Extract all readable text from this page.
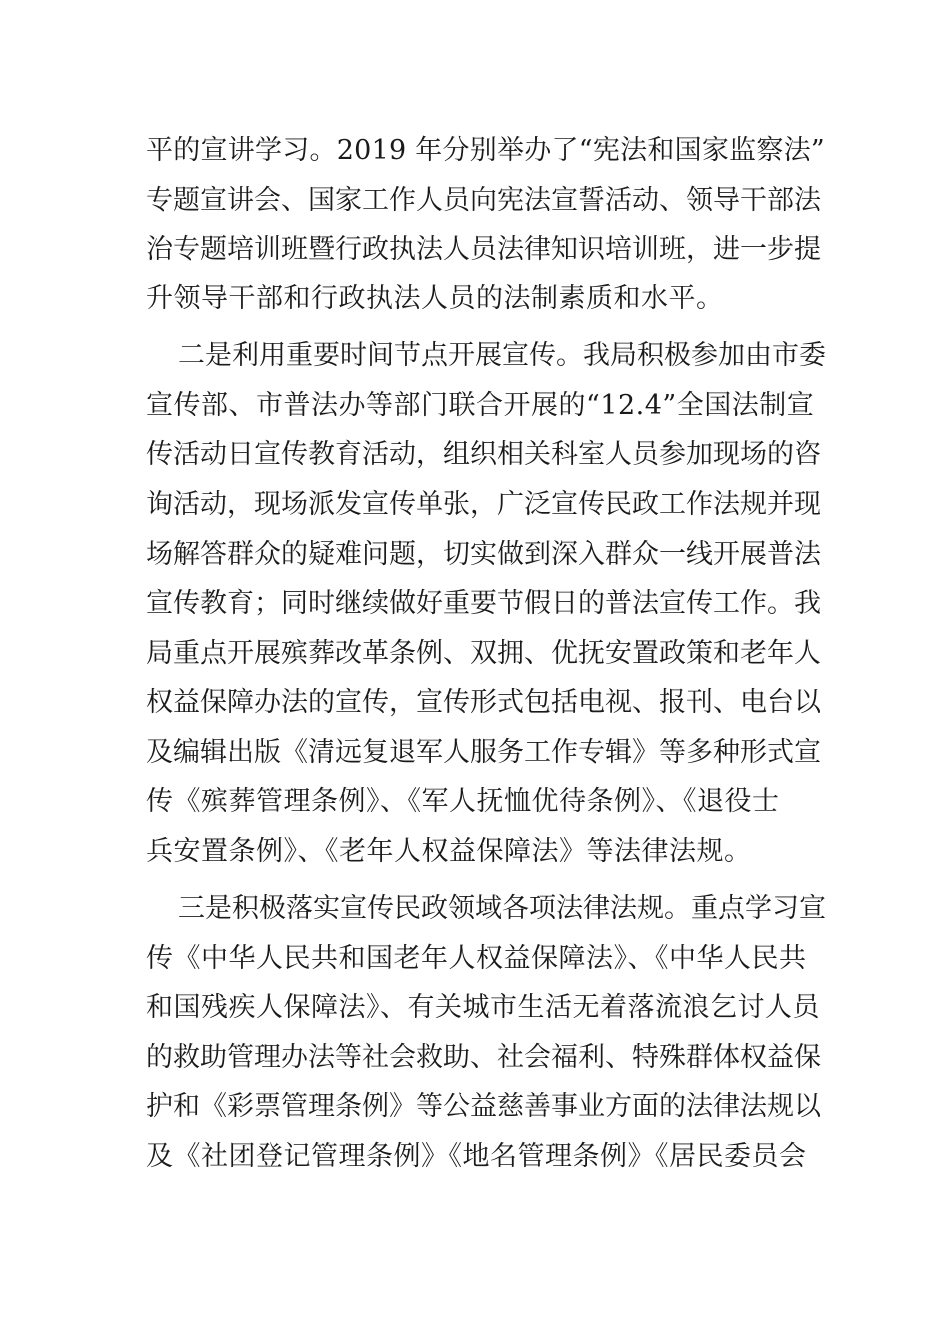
平的宣讲学习。2019 年分别举办了“宪法和国家监察法”

专题宣讲会、国家工作人员向宪法宣誓活动、领导干部法

治专题培训班暨行政执法人员法律知识培训班，进一步提

升领导干部和行政执法人员的法制素质和水平。

二是利用重要时间节点开展宣传。我局积极参加由市委

宣传部、市普法办等部门联合开展的“12.4”全国法制宣

传活动日宣传教育活动，组织相关科室人员参加现场的咨

询活动，现场派发宣传单张，广泛宣传民政工作法规并现

场解答群众的疑难问题，切实做到深入群众一线开展普法

宣传教育；同时继续做好重要节假日的普法宣传工作。我

局重点开展殡葬改革条例、双拥、优抚安置政策和老年人

权益保障办法的宣传，宣传形式包括电视、报刊、电台以

及编辑出版《清远复退军人服务工作专辑》等多种形式宣

传《殡葬管理条例》、《军人抚恤优待条例》、《退役士

兵安置条例》、《老年人权益保障法》等法律法规。

三是积极落实宣传民政领域各项法律法规。重点学习宣

传《中华人民共和国老年人权益保障法》、《中华人民共

和国残疾人保障法》、有关城市生活无着落流浪乞讨人员

的救助管理办法等社会救助、社会福利、特殊群体权益保

护和《彩票管理条例》等公益慈善事业方面的法律法规以

及《社团登记管理条例》《地名管理条例》《居民委员会
